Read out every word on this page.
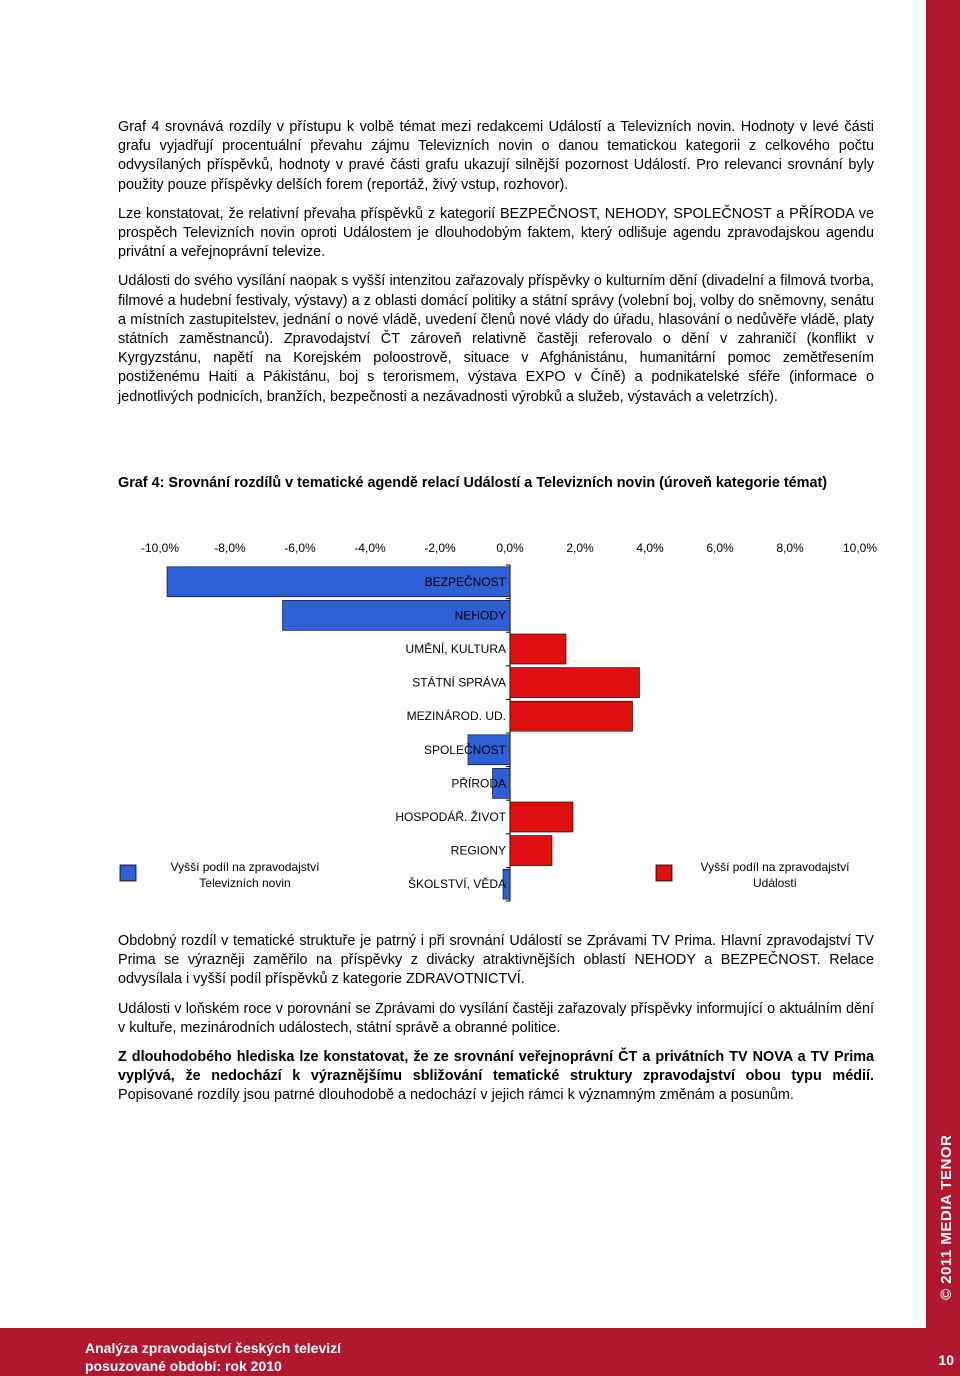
© 2011 MEDIA TENOR
Analýza zpravodajství českých televizí
posuzované období: rok 2010	10

Graf 4 srovnává rozdíly v přístupu k volbě témat mezi redakcemi Událostí a Televizních novin. Hodnoty v levé části grafu vyjadřují procentuální převahu zájmu Televizních novin o danou tematickou kategorii z celkového počtu odvysílaných příspěvků, hodnoty v pravé části grafu ukazují silnější pozornost Událostí. Pro relevanci srovnání byly použity pouze příspěvky delších forem (reportáž, živý vstup, rozhovor).

Lze konstatovat, že relativní převaha příspěvků z kategorií BEZPEČNOST, NEHODY, SPOLEČNOST a PŘÍRODA ve prospěch Televizních novin oproti Událostem je dlouhodobým faktem, který odlišuje agendu zpravodajskou agendu privátní a veřejnoprávní televize.

Události do svého vysílání naopak s vyšší intenzitou zařazovaly příspěvky o kulturním dění (divadelní a filmová tvorba, filmové a hudební festivaly, výstavy) a z oblasti domácí politiky a státní správy (volební boj, volby do sněmovny, senátu a místních zastupitelstev, jednání o nové vládě, uvedení členů nové vlády do úřadu, hlasování o nedůvěře vládě, platy státních zaměstnanců). Zpravodajství ČT zároveň relativně častěji referovalo o dění v zahraničí (konflikt v Kyrgyzstánu, napětí na Korejském poloostrově, situace v Afghánistánu, humanitární pomoc zemětřesením postiženému Haiti a Pákistánu, boj s terorismem, výstava EXPO v Číně) a podnikatelské sféře (informace o jednotlivých podnicích, branžích, bezpečnosti a nezávadnosti výrobků a služeb, výstavách a veletrzích).

Graf 4: Srovnání rozdílů v tematické agendě relací Událostí a Televizních novin (úroveň kategorie témat)
-10,0%	-8,0%	-6,0%	-4,0%	-2,0%	0,0%	2,0%	4,0%	6,0%	8,0%	10,0%
BEZPEČNOST
NEHODY
UMĚNÍ, KULTURA
STÁTNÍ SPRÁVA
MEZINÁROD. UD.
SPOLEČNOST
PŘÍRODA
HOSPODÁŘ. ŽIVOT
REGIONY
ŠKOLSTVÍ, VĚDA
Vyšší podíl na zpravodajství
Televizních novin
Vyšší podíl na zpravodajství
Událostí

Obdobný rozdíl v tematické struktuře je patrný i při srovnání Událostí se Zprávami TV Prima. Hlavní zpravodajství TV Prima se výrazněji zaměřilo na příspěvky z divácky atraktivnějších oblastí NEHODY a BEZPEČNOST. Relace odvysílala i vyšší podíl příspěvků z kategorie ZDRAVOTNICTVÍ.

Události v loňském roce v porovnání se Zprávami do vysílání častěji zařazovaly příspěvky informující o aktuálním dění v kultuře, mezinárodních událostech, státní správě a obranné politice.

Z dlouhodobého hlediska lze konstatovat, že ze srovnání veřejnoprávní ČT a privátních TV NOVA a TV Prima vyplývá, že nedochází k výraznějšímu sbližování tematické struktury zpravodajství obou typu médií. Popisované rozdíly jsou patrné dlouhodobě a nedochází v jejich rámci k významným změnám a posunům.
